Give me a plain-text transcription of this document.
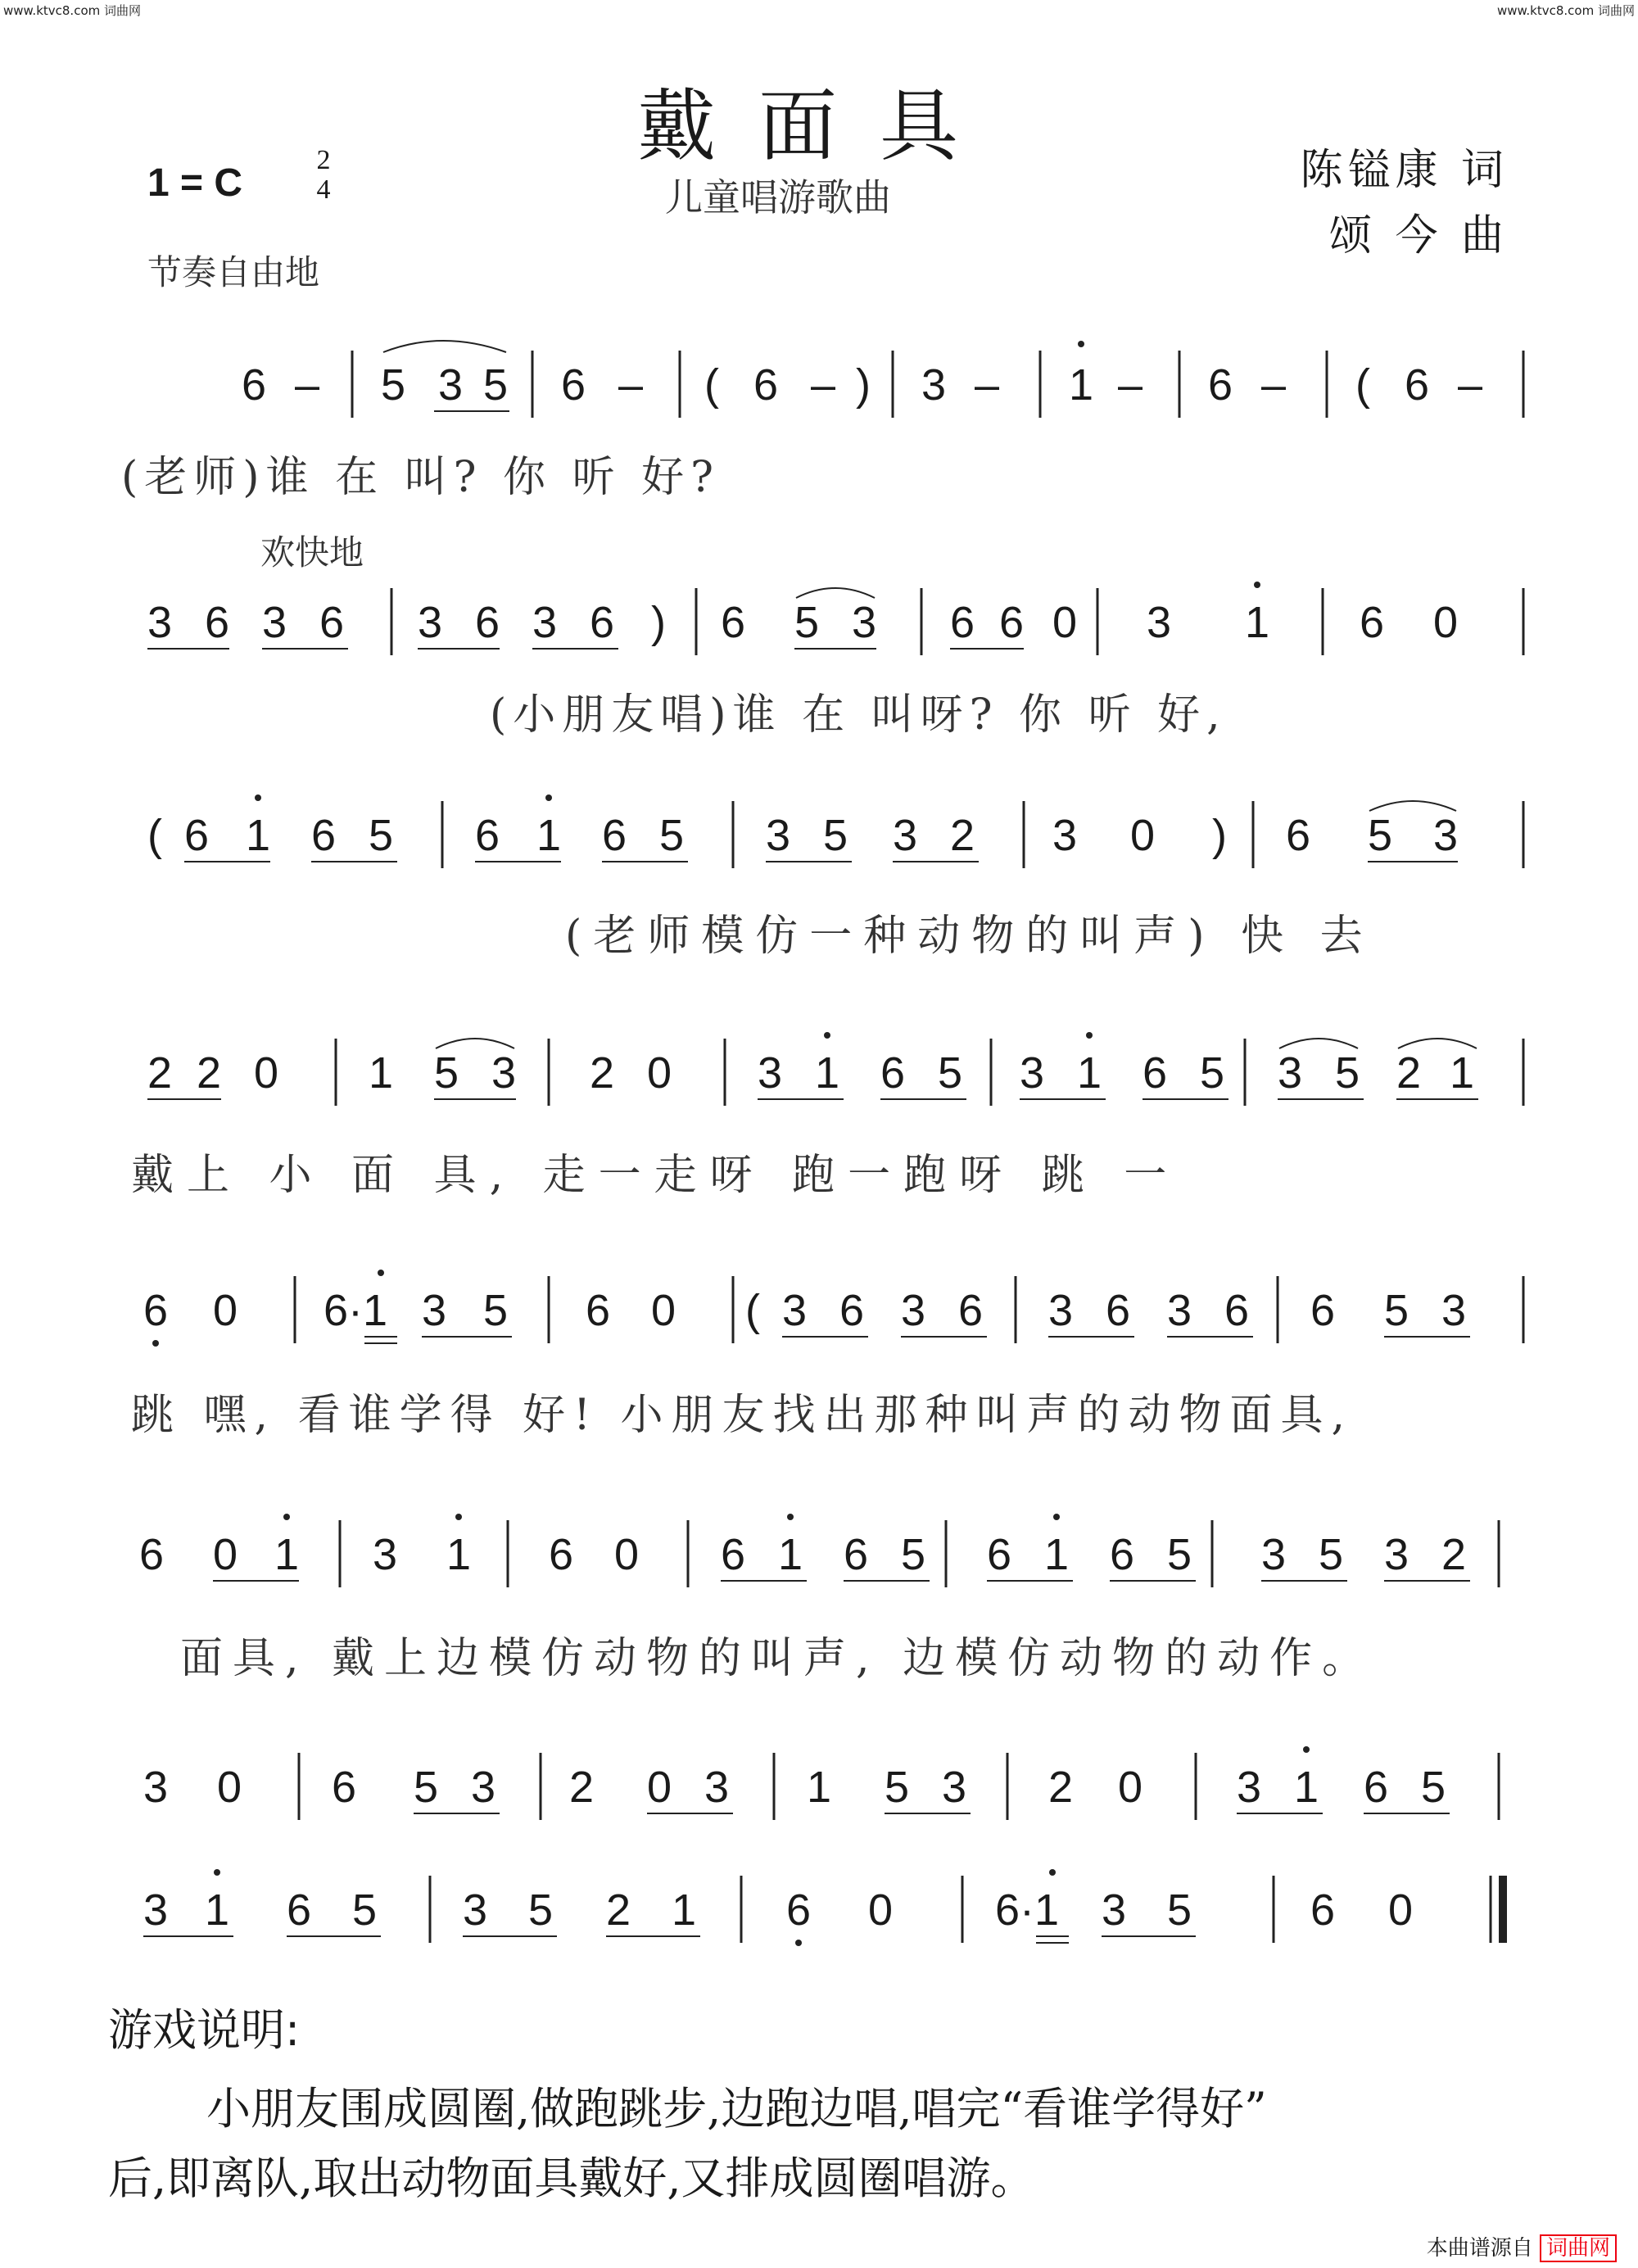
www.ktvc8.com 词曲网	www.ktvc8.com 词曲网
戴面具
儿童唱游歌曲
1 = C
2
4	陈镒康 词
颂 今 曲
节奏自由地
欢快地
6 – 5 3 5 6 – ( 6 – ) 3 – 1 – 6 – ( 6 –
(老师)谁 在 叫? 你 听 好?
3 6 3 6 3 6 3 6 ) 6 5 3 6 6 0 3 1 6 0
(小朋友唱)谁 在 叫呀? 你 听 好,
( 6 1 6 5 6 1 6 5 3 5 3 2 3 0 ) 6 5 3
(老师模仿一种动物的叫声) 快 去
2 2 0 1 5 3 2 0 3 1 6 5 3 1 6 5 3 5 2 1
戴上 小 面 具, 走一走呀 跑一跑呀 跳 一
6 0 6·1 3 5 6 0 ( 3 6 3 6 3 6 3 6 6 5 3
跳 嘿, 看谁学得 好! 小朋友找出那种叫声的动物面具,
6 0 1 3 1 6 0 6 1 6 5 6 1 6 5 3 5 3 2
面具, 戴上边模仿动物的叫声, 边模仿动物的动作。
3 0 6 5 3 2 0 3 1 5 3 2 0 3 1 6 5
3 1 6 5 3 5 2 1 6 0 6·1 3 5	6 0
游戏说明:
小朋友围成圆圈,做跑跳步,边跑边唱,唱完“看谁学得好”
后,即离队,取出动物面具戴好,又排成圆圈唱游。
本曲谱源自 词曲网
